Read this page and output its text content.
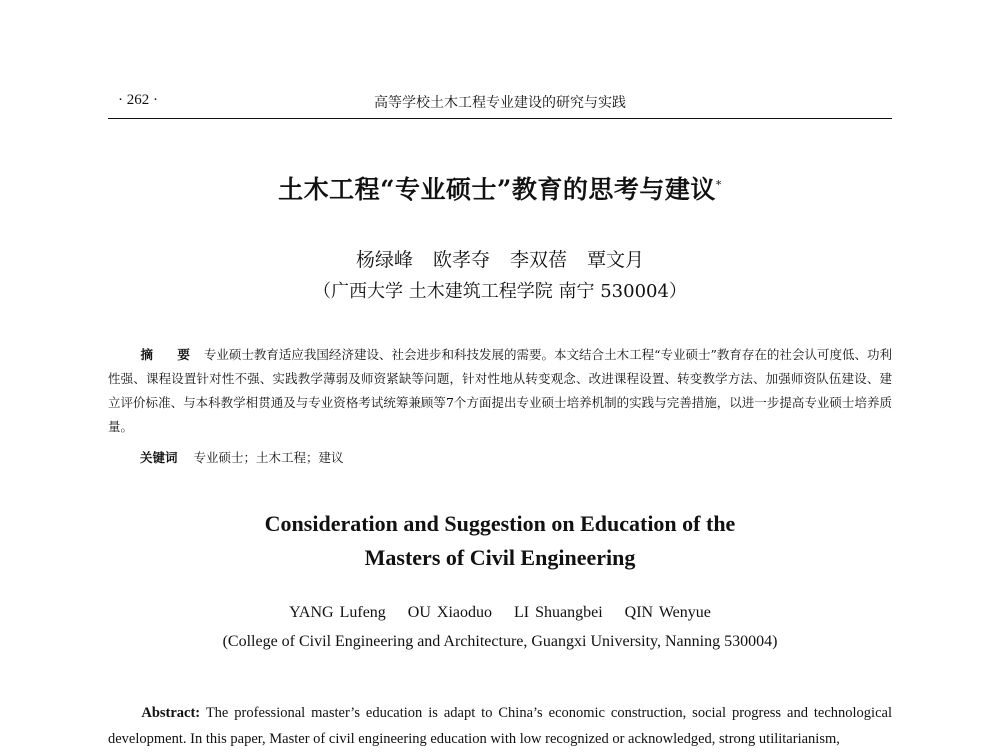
· 262 ·	高等学校土木工程专业建设的研究与实践
土木工程“专业硕士”教育的思考与建议*
杨绿峰 欧孝夺 李双蓓 覃文月
（广西大学 土木建筑工程学院 南宁 530004）
摘 要 专业硕士教育适应我国经济建设、社会进步和科技发展的需要。本文结合土木工程“专业硕士”教育存在的社会认可度低、功利性强、课程设置针对性不强、实践教学薄弱及师资紧缺等问题，针对性地从转变观念、改进课程设置、转变教学方法、加强师资队伍建设、建立评价标准、与本科教学相贯通及与专业资格考试统筹兼顾等7个方面提出专业硕士培养机制的实践与完善措施，以进一步提高专业硕士培养质量。
关键词 专业硕士；土木工程；建议
Consideration and Suggestion on Education of the
Masters of Civil Engineering
YANG Lufeng OU Xiaoduo LI Shuangbei QIN Wenyue
(College of Civil Engineering and Architecture, Guangxi University, Nanning 530004)
Abstract: The professional master’s education is adapt to China’s economic construction, social progress and technological development. In this paper, Master of civil engineering education with low recognized or acknowledged, strong utilitarianism,
